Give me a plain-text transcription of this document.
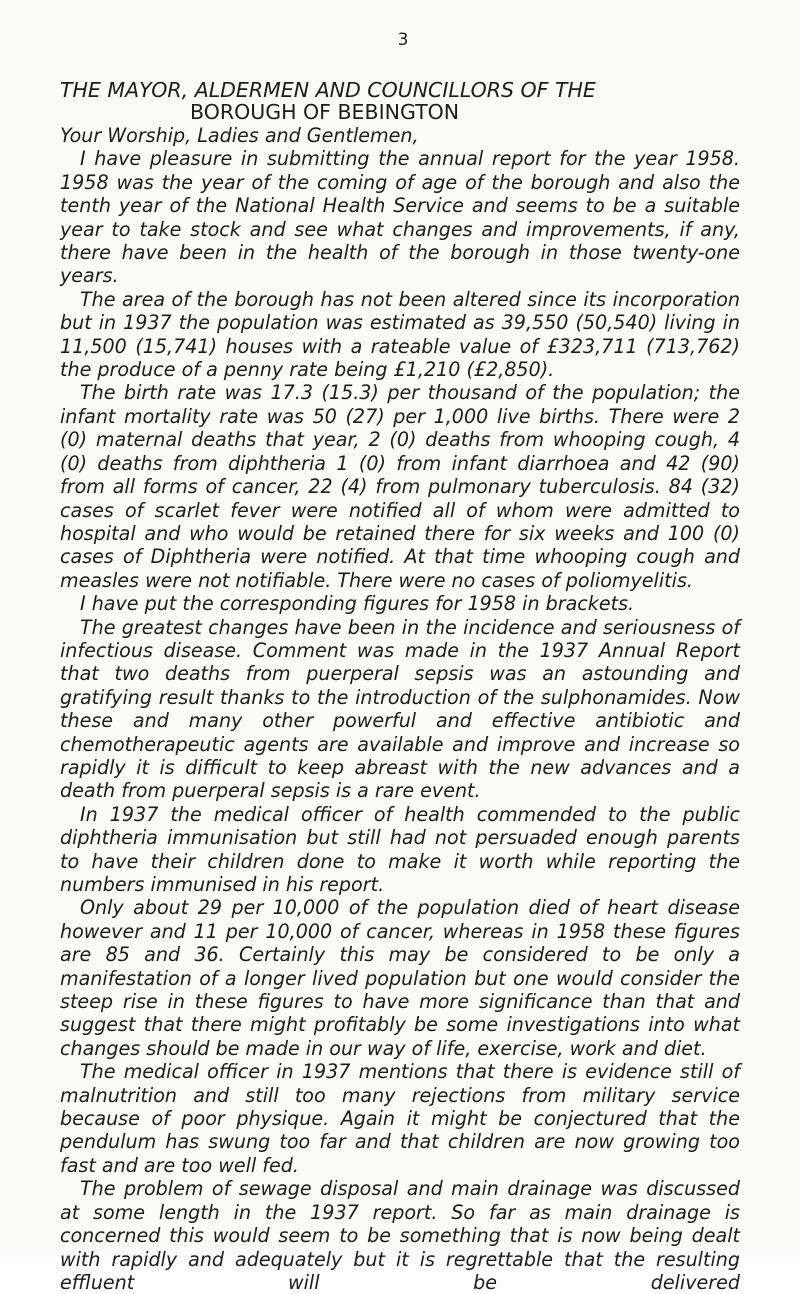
3
THE MAYOR, ALDERMEN AND COUNCILLORS OF THE
BOROUGH OF BEBINGTON

Your Worship, Ladies and Gentlemen,

I have pleasure in submitting the annual report for the year 1958. 1958 was the year of the coming of age of the borough and also the tenth year of the National Health Service and seems to be a suitable year to take stock and see what changes and improvements, if any, there have been in the health of the borough in those twenty-one years.

The area of the borough has not been altered since its incorporation but in 1937 the population was estimated as 39,550 (50,540) living in 11,500 (15,741) houses with a rateable value of £323,711 (713,762) the produce of a penny rate being £1,210 (£2,850).

The birth rate was 17.3 (15.3) per thousand of the population; the infant mortality rate was 50 (27) per 1,000 live births. There were 2 (0) maternal deaths that year, 2 (0) deaths from whooping cough, 4 (0) deaths from diphtheria 1 (0) from infant diarrhoea and 42 (90) from all forms of cancer, 22 (4) from pulmonary tuberculosis. 84 (32) cases of scarlet fever were notified all of whom were admitted to hospital and who would be retained there for six weeks and 100 (0) cases of Diphtheria were notified. At that time whooping cough and measles were not notifiable. There were no cases of poliomyelitis.

I have put the corresponding figures for 1958 in brackets.

The greatest changes have been in the incidence and seriousness of infectious disease. Comment was made in the 1937 Annual Report that two deaths from puerperal sepsis was an astounding and gratifying result thanks to the introduction of the sulphonamides. Now these and many other powerful and effective antibiotic and chemotherapeutic agents are available and improve and increase so rapidly it is difficult to keep abreast with the new advances and a death from puerperal sepsis is a rare event.

In 1937 the medical officer of health commended to the public diphtheria immunisation but still had not persuaded enough parents to have their children done to make it worth while reporting the numbers immunised in his report.

Only about 29 per 10,000 of the population died of heart disease however and 11 per 10,000 of cancer, whereas in 1958 these figures are 85 and 36. Certainly this may be considered to be only a manifestation of a longer lived population but one would consider the steep rise in these figures to have more significance than that and suggest that there might profitably be some investigations into what changes should be made in our way of life, exercise, work and diet.

The medical officer in 1937 mentions that there is evidence still of malnutrition and still too many rejections from military service because of poor physique. Again it might be conjectured that the pendulum has swung too far and that children are now growing too fast and are too well fed.

The problem of sewage disposal and main drainage was discussed at some length in the 1937 report. So far as main drainage is concerned this would seem to be something that is now being dealt with rapidly and adequately but it is regrettable that the resulting effluent will be delivered
